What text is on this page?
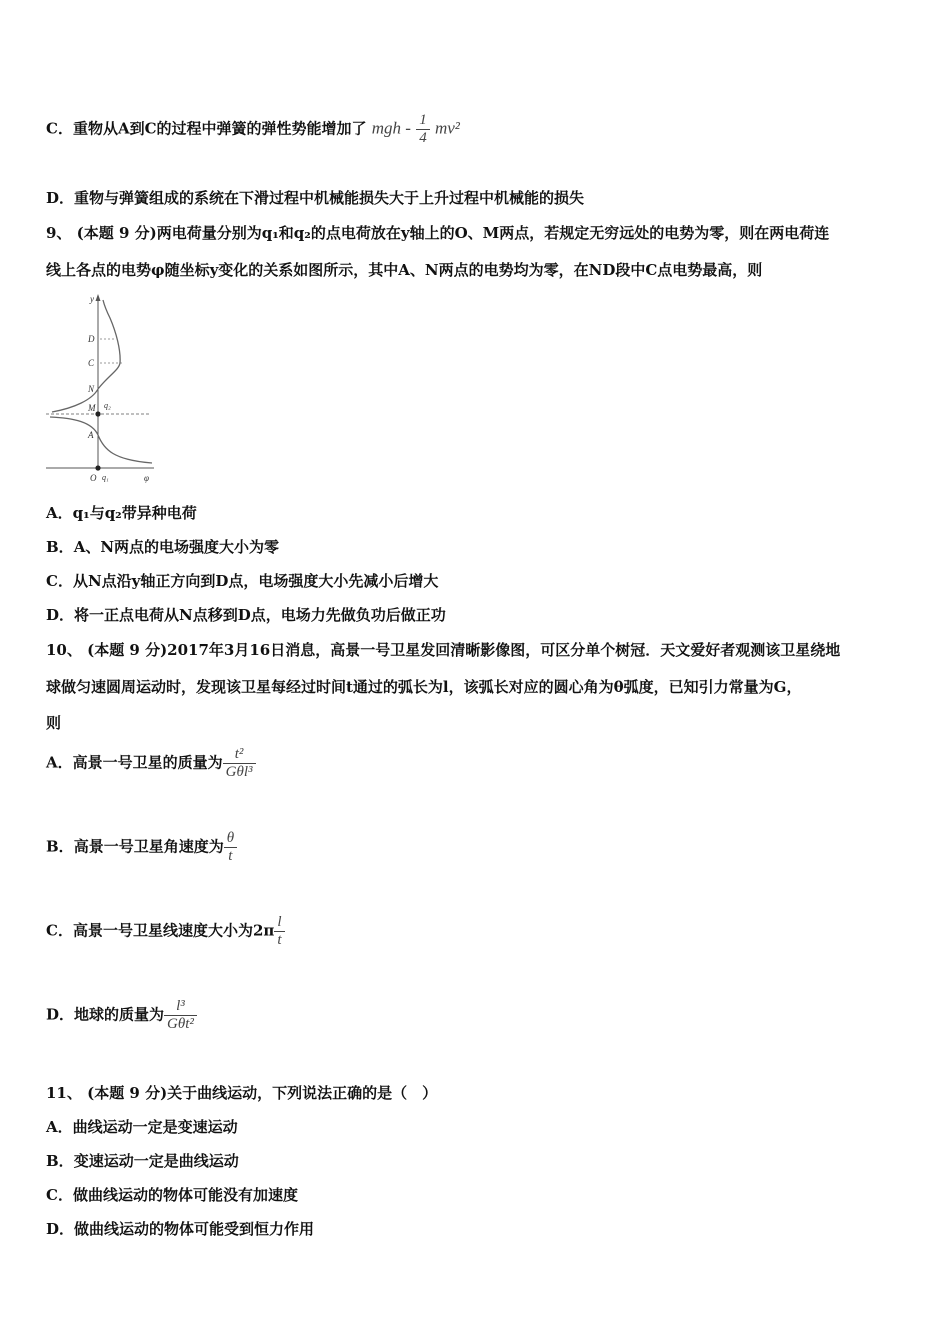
C．重物从A到C的过程中弹簧的弹性势能增加了 mgh - $\frac{1}{4} mv^2$
D．重物与弹簧组成的系统在下滑过程中机械能损失大于上升过程中机械能的损失
9、 (本题 9 分)两电荷量分别为q₁和q₂的点电荷放在y轴上的O、M两点，若规定无穷远处的电势为零，则在两电荷连
线上各点的电势φ随坐标y变化的关系如图所示，其中A、N两点的电势均为零，在ND段中C点电势最高，则
y
D
C
N
M q₂
A
O q₁	φ
A．q₁与q₂带异种电荷
B．A、N两点的电场强度大小为零
C．从N点沿y轴正方向到D点，电场强度大小先减小后增大
D．将一正点电荷从N点移到D点，电场力先做负功后做正功
10、 (本题 9 分)2017年3月16日消息，高景一号卫星发回清晰影像图，可区分单个树冠．天文爱好者观测该卫星绕地
球做匀速圆周运动时，发现该卫星每经过时间t通过的弧长为l，该弧长对应的圆心角为θ弧度，已知引力常量为G，
则
A．高景一号卫星的质量为 $\frac{\text{t²}}{\text{Gθl³}}$
B．高景一号卫星角速度为 $\frac{\theta}{t}$
C．高景一号卫星线速度大小为$2\pi \frac{l}{t}$
D．地球的质量为 $\frac{\text{l³}}{\text{Gθt²}}$
11、 (本题 9 分)关于曲线运动，下列说法正确的是（　）
A．曲线运动一定是变速运动
B．变速运动一定是曲线运动
C．做曲线运动的物体可能没有加速度
D．做曲线运动的物体可能受到恒力作用
